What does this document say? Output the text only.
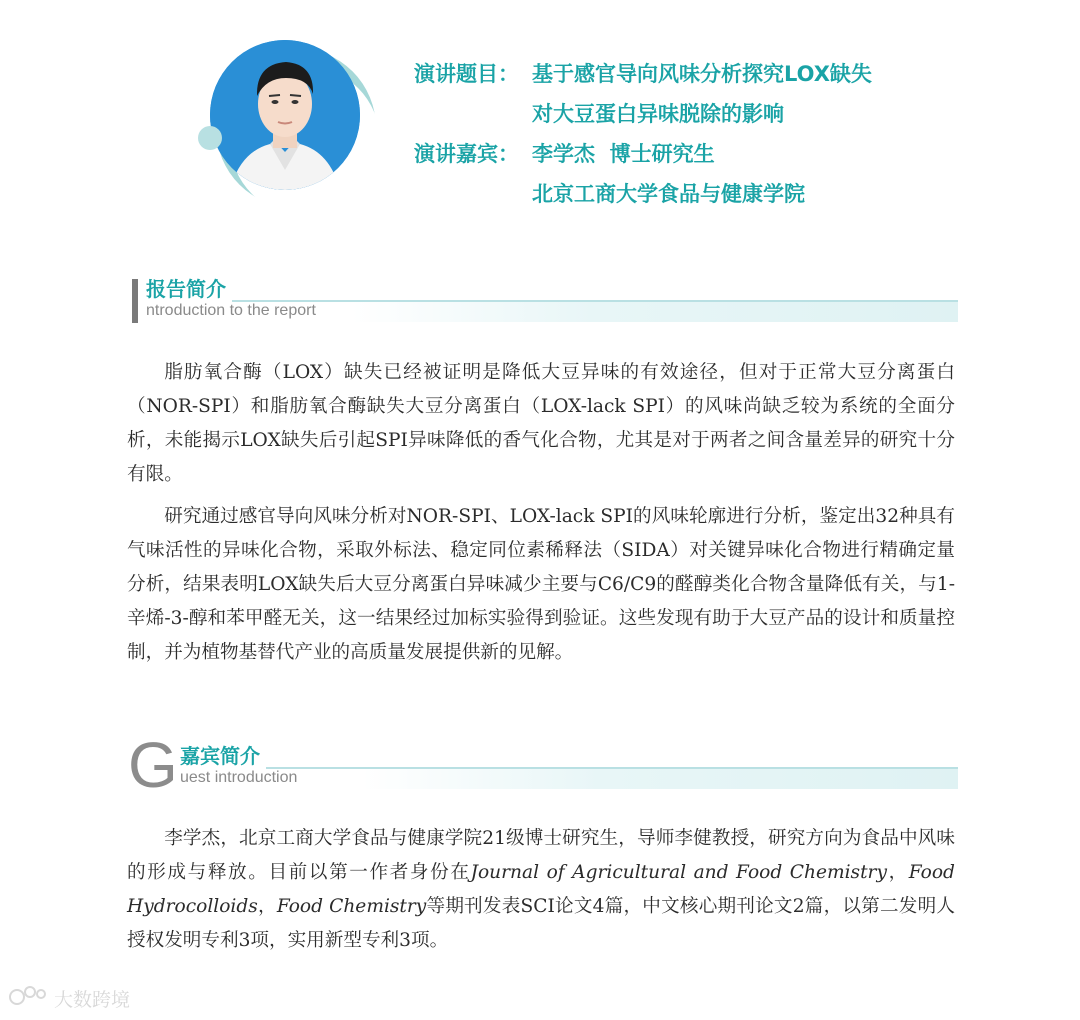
演讲题目： 基于感官导向风味分析探究LOX缺失
对大豆蛋白异味脱除的影响
演讲嘉宾： 李学杰  博士研究生
北京工商大学食品与健康学院
报告简介
ntroduction to the report

脂肪氧合酶（LOX）缺失已经被证明是降低大豆异味的有效途径，但对于正常大豆分离蛋白（NOR-SPI）和脂肪氧合酶缺失大豆分离蛋白（LOX-lack SPI）的风味尚缺乏较为系统的全面分析，未能揭示LOX缺失后引起SPI异味降低的香气化合物，尤其是对于两者之间含量差异的研究十分有限。

研究通过感官导向风味分析对NOR-SPI、LOX-lack SPI的风味轮廓进行分析，鉴定出32种具有气味活性的异味化合物，采取外标法、稳定同位素稀释法（SIDA）对关键异味化合物进行精确定量分析，结果表明LOX缺失后大豆分离蛋白异味减少主要与C6/C9的醛醇类化合物含量降低有关，与1-辛烯-3-醇和苯甲醛无关，这一结果经过加标实验得到验证。这些发现有助于大豆产品的设计和质量控制，并为植物基替代产业的高质量发展提供新的见解。

G 嘉宾简介
uest introduction

李学杰，北京工商大学食品与健康学院21级博士研究生，导师李健教授，研究方向为食品中风味的形成与释放。目前以第一作者身份在Journal of Agricultural and Food Chemistry，Food Hydrocolloids，Food Chemistry等期刊发表SCI论文4篇，中文核心期刊论文2篇，以第二发明人授权发明专利3项，实用新型专利3项。

大数跨境
